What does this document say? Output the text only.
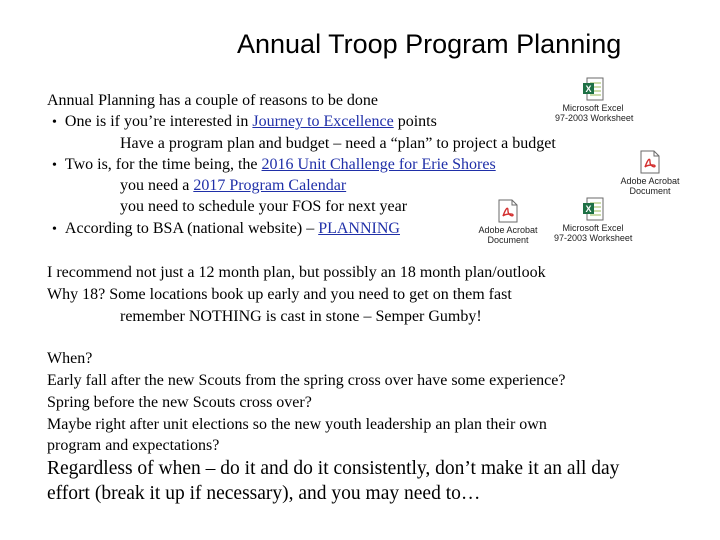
Annual Troop Program Planning
Annual Planning has a couple of reasons to be done
• One is if you’re interested in Journey to Excellence points
Have a program plan and budget – need a “plan” to project a budget
• Two is, for the time being, the 2016 Unit Challenge for Erie Shores
you need a 2017 Program Calendar
you need to schedule your FOS for next year
• According to BSA (national website) – PLANNING
X
Microsoft Excel
97-2003 Worksheet
Adobe Acrobat
Document
Adobe Acrobat
Document
X
Microsoft Excel
97-2003 Worksheet
I recommend not just a 12 month plan, but possibly an 18 month plan/outlook
Why 18? Some locations book up early and you need to get on them fast
remember NOTHING is cast in stone – Semper Gumby!
When?
Early fall after the new Scouts from the spring cross over have some experience?
Spring before the new Scouts cross over?
Maybe right after unit elections so the new youth leadership an plan their own
program and expectations?
Regardless of when – do it and do it consistently, don’t make it an all day
effort (break it up if necessary), and you may need to…
